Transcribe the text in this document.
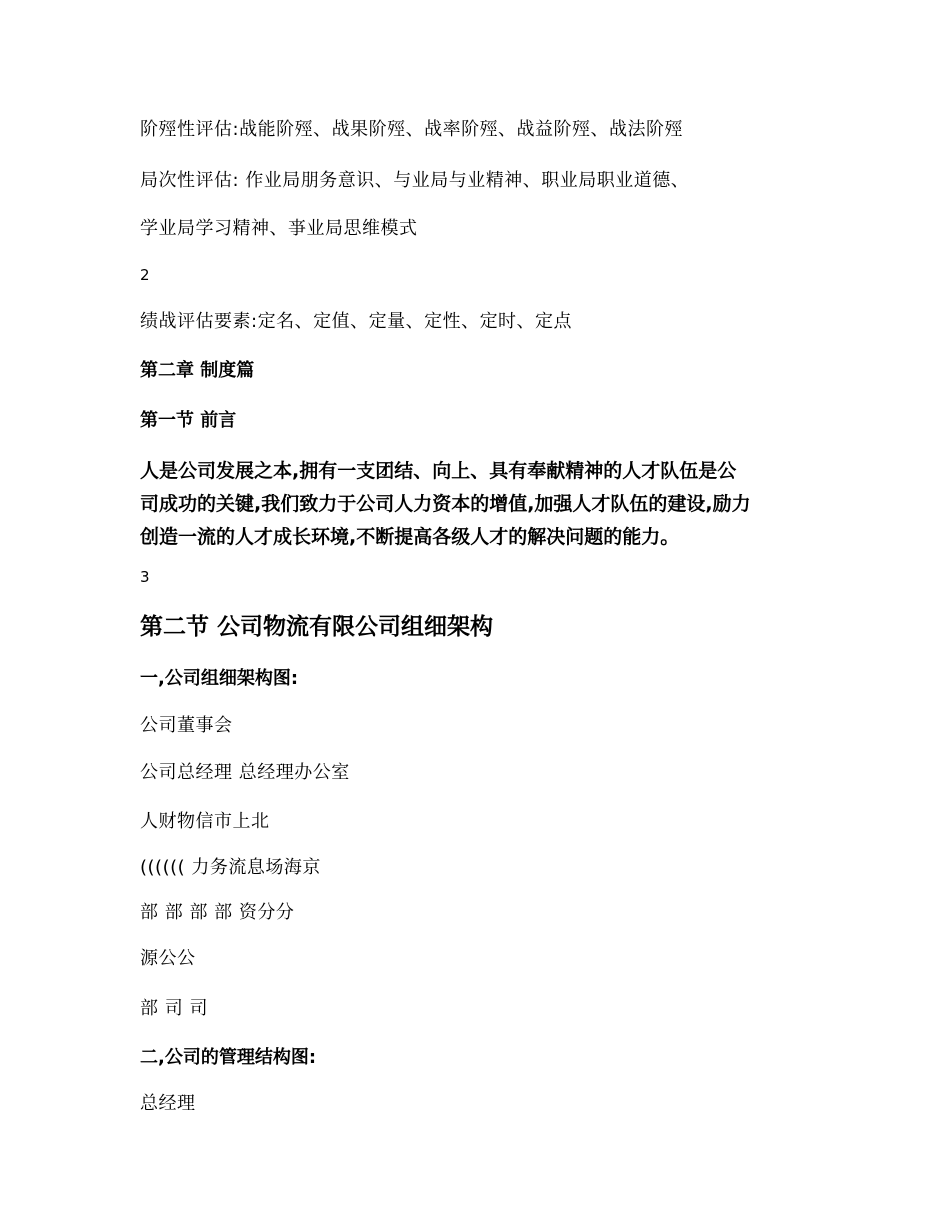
阶殌性评估:战能阶殌、战果阶殌、战率阶殌、战益阶殌、战法阶殌
局次性评估: 作业局朋务意识、与业局与业精神、职业局职业道德、
学业局学习精神、亊业局思维模式
2
绩战评估要素:定名、定值、定量、定性、定时、定点
第二章 制度篇
第一节 前言
人是公司发展之本,拥有一支团结、向上、具有奉献精神的人才队伍是公
司成功的关键,我们致力于公司人力资本的增值,加强人才队伍的建设,励力
创造一流的人才成长环境,不断提高各级人才的解决问题的能力。
3
第二节 公司物流有限公司组细架构
一,公司组细架构图:
公司董事会
公司总经理 总经理办公室
人财物信市上北
(((((( 力务流息场海京
部 部 部 部 资分分
源公公
部 司 司
二,公司的管理结构图:
总经理
